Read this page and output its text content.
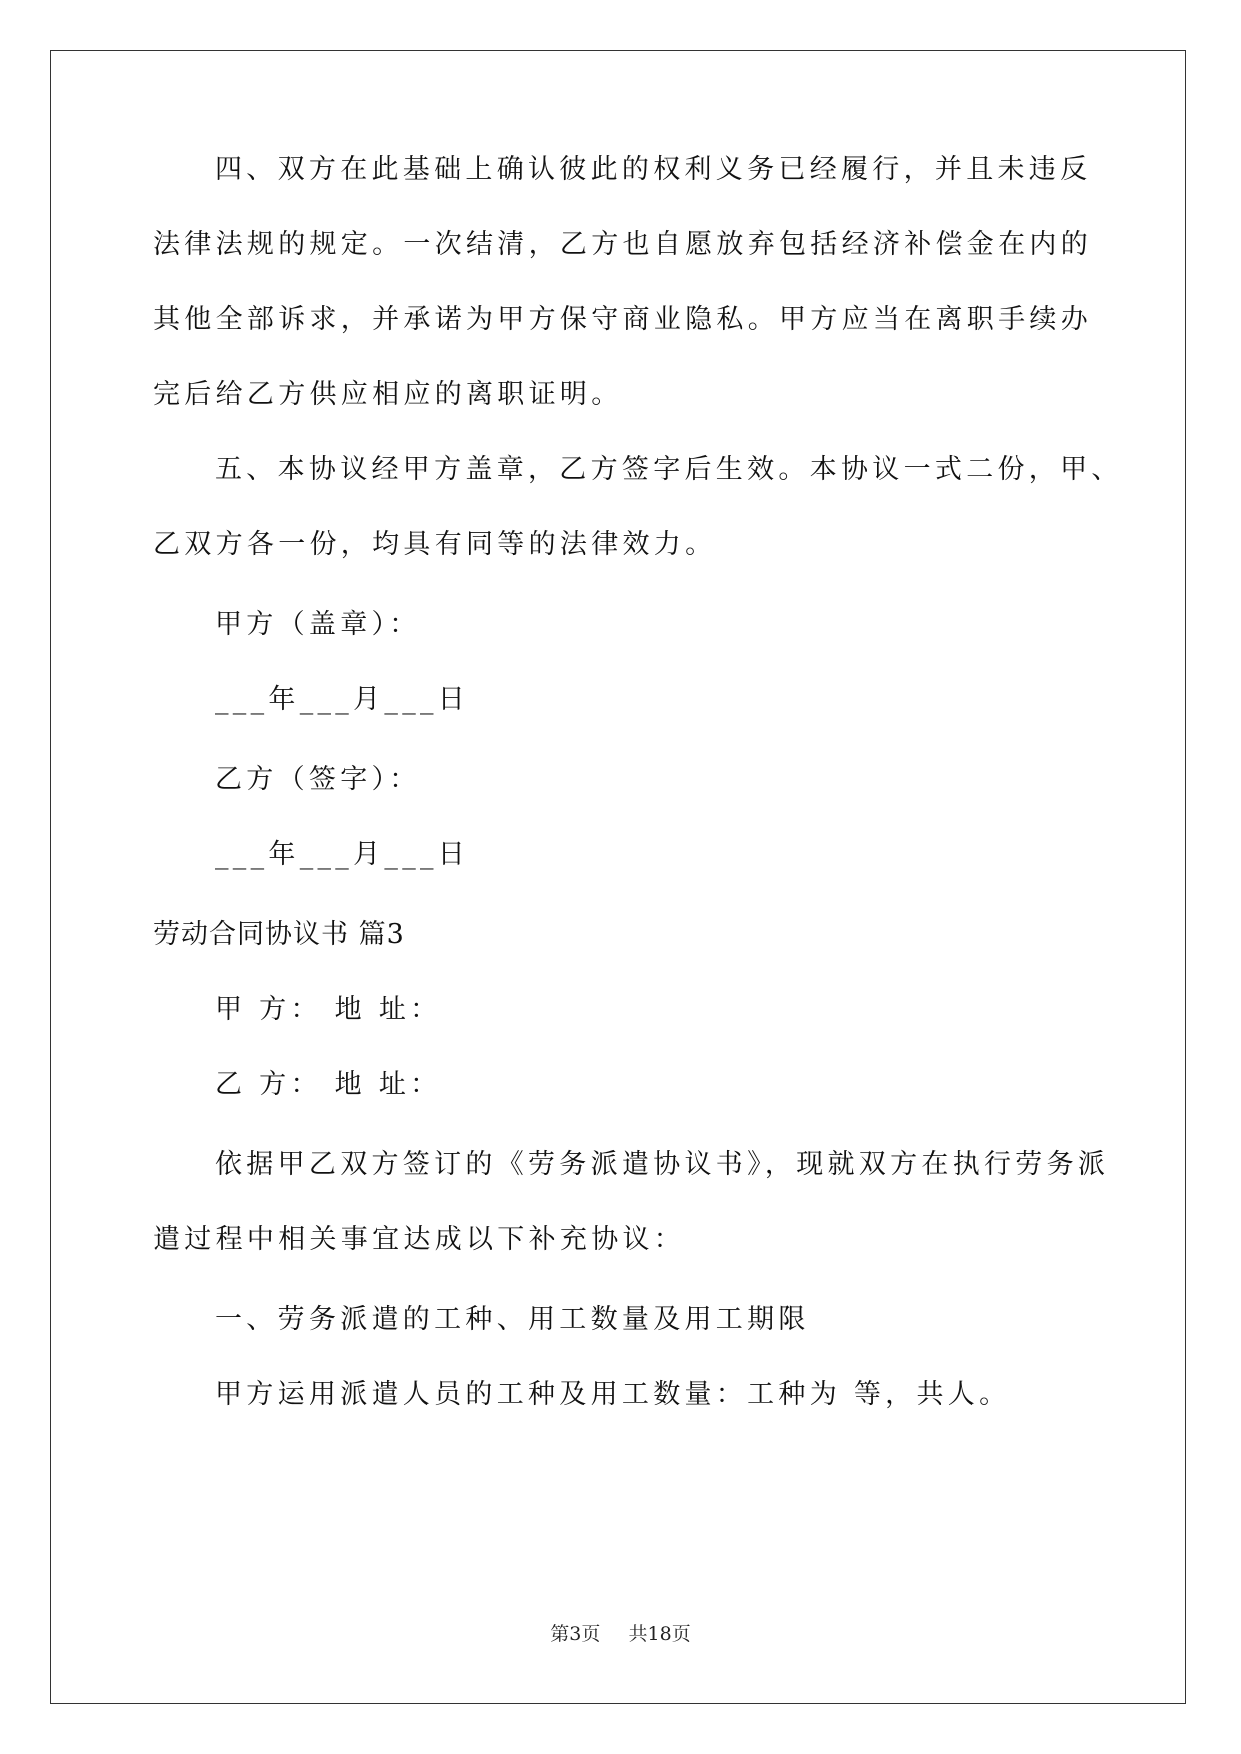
四、双方在此基础上确认彼此的权利义务已经履行，并且未违反
法律法规的规定。一次结清，乙方也自愿放弃包括经济补偿金在内的
其他全部诉求，并承诺为甲方保守商业隐私。甲方应当在离职手续办
完后给乙方供应相应的离职证明。
五、本协议经甲方盖章，乙方签字后生效。本协议一式二份，甲、
乙双方各一份，均具有同等的法律效力。
甲方（盖章）：
___年___月___日
乙方（签字）：
___年___月___日
劳动合同协议书 篇3
甲 方： 地 址：
乙 方： 地 址：
依据甲乙双方签订的《劳务派遣协议书》，现就双方在执行劳务派
遣过程中相关事宜达成以下补充协议：
一、劳务派遣的工种、用工数量及用工期限
甲方运用派遣人员的工种及用工数量：工种为 等，共人。
第3页 共18页
